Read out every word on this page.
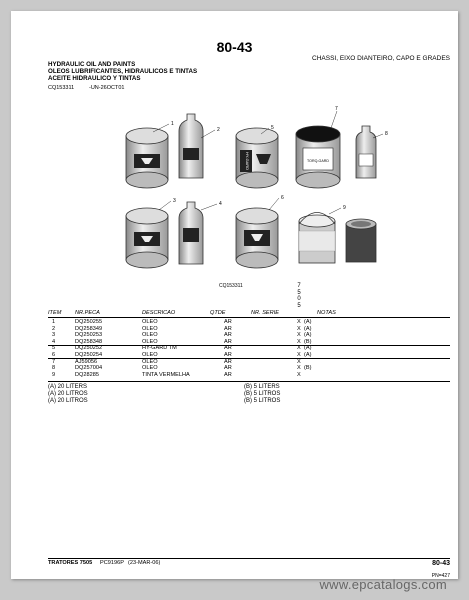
80-43
CHASSI, EIXO DIANTEIRO, CAPO E GRADES
HYDRAULIC OIL AND PAINTS
OLEOS LUBRIFICANTES, HIDRAULICOS E TINTAS
ACEITE HIDRAULICO Y TINTAS
CQ153311	-UN-26OCT01
HY-GARD	TORQ-GARD
1
2	5
7
8
3	4
6
9
CQ153311	7
5
0
5
ITEM NR.PECA	DESCRICAO	QTDE	NR. SERIE	NOTAS
1	DQ250255	OLEO	AR	X (A)
2	DQ258349	OLEO	AR	X (A)
3	DQ250253	OLEO	AR	X (A)
4	DQ258348	OLEO	AR	X (B)
5	DQ250252	HY-GARD TM	AR	X (A)
6	DQ250254	OLEO	AR	X (A)
7	AJ59056	OLEO	AR	X
8	DQ257004	OLEO	AR	X (B)
9	DQ28285	TINTA VERMELHA	AR	X
(A) 20 LITERS
(A) 20 LITROS
(A) 20 LITROS
(B) 5 LITERS
(B) 5 LITROS
(B) 5 LITROS
TRATORES 7505 PC9196P (23-MAR-06)	80-43
PN=427
www.epcatalogs.com
